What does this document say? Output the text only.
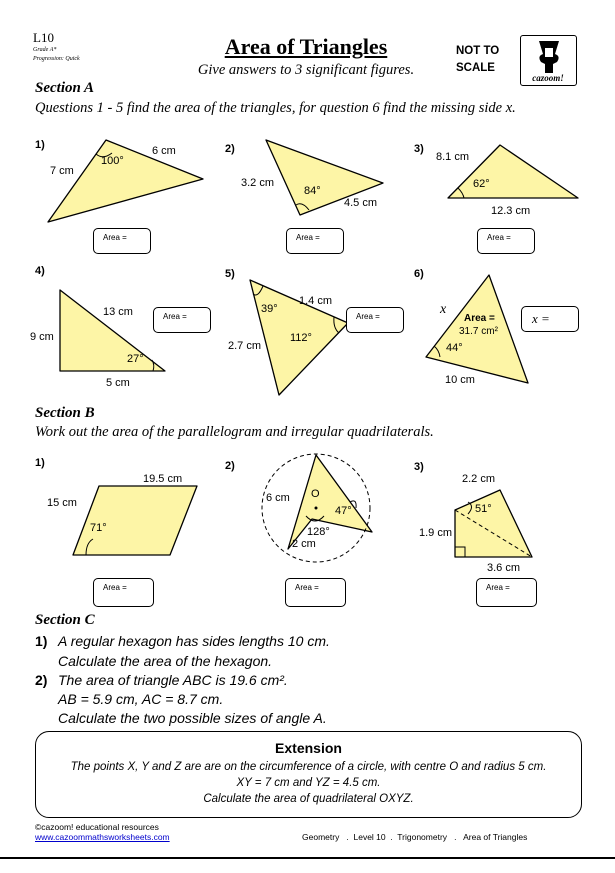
L10
Grade A*
Progression: Quick	Area of Triangles
Give answers to 3 significant figures.
NOT TO
SCALE
cazoom!
Section A
Questions 1 - 5 find the area of the triangles, for question 6 find the missing side x.
1)	2)	3)
4)	5)	6)
7 cm
6 cm
100°
3.2 cm
84°
4.5 cm
8.1 cm
62°
12.3 cm
13 cm
9 cm
27°
5 cm
39°
1.4 cm
112°
2.7 cm
x
Area =
31.7 cm²
44°
10 cm
Area =	Area =	Area =
Area =	Area =	x =
Section B
Work out the area of the parallelogram and irregular quadrilaterals.
1)	2)	3)
19.5 cm
15 cm
71°
O
6 cm
47°
128°
2 cm
2.2 cm
51°
1.9 cm
3.6 cm
Area =	Area =	Area =
Section C
1) A regular hexagon has sides lengths 10 cm.
Calculate the area of the hexagon.
2) The area of triangle ABC is 19.6 cm².
AB = 5.9 cm, AC = 8.7 cm.
Calculate the two possible sizes of angle A.
Extension
The points X, Y and Z are are on the circumference of a circle, with centre O and radius 5 cm.
XY = 7 cm and YZ = 4.5 cm.
Calculate the area of quadrilateral OXYZ.
©cazoom! educational resources
www.cazoommathsworksheets.com	Geometry   .  Level 10  .  Trigonometry   .   Area of Triangles
